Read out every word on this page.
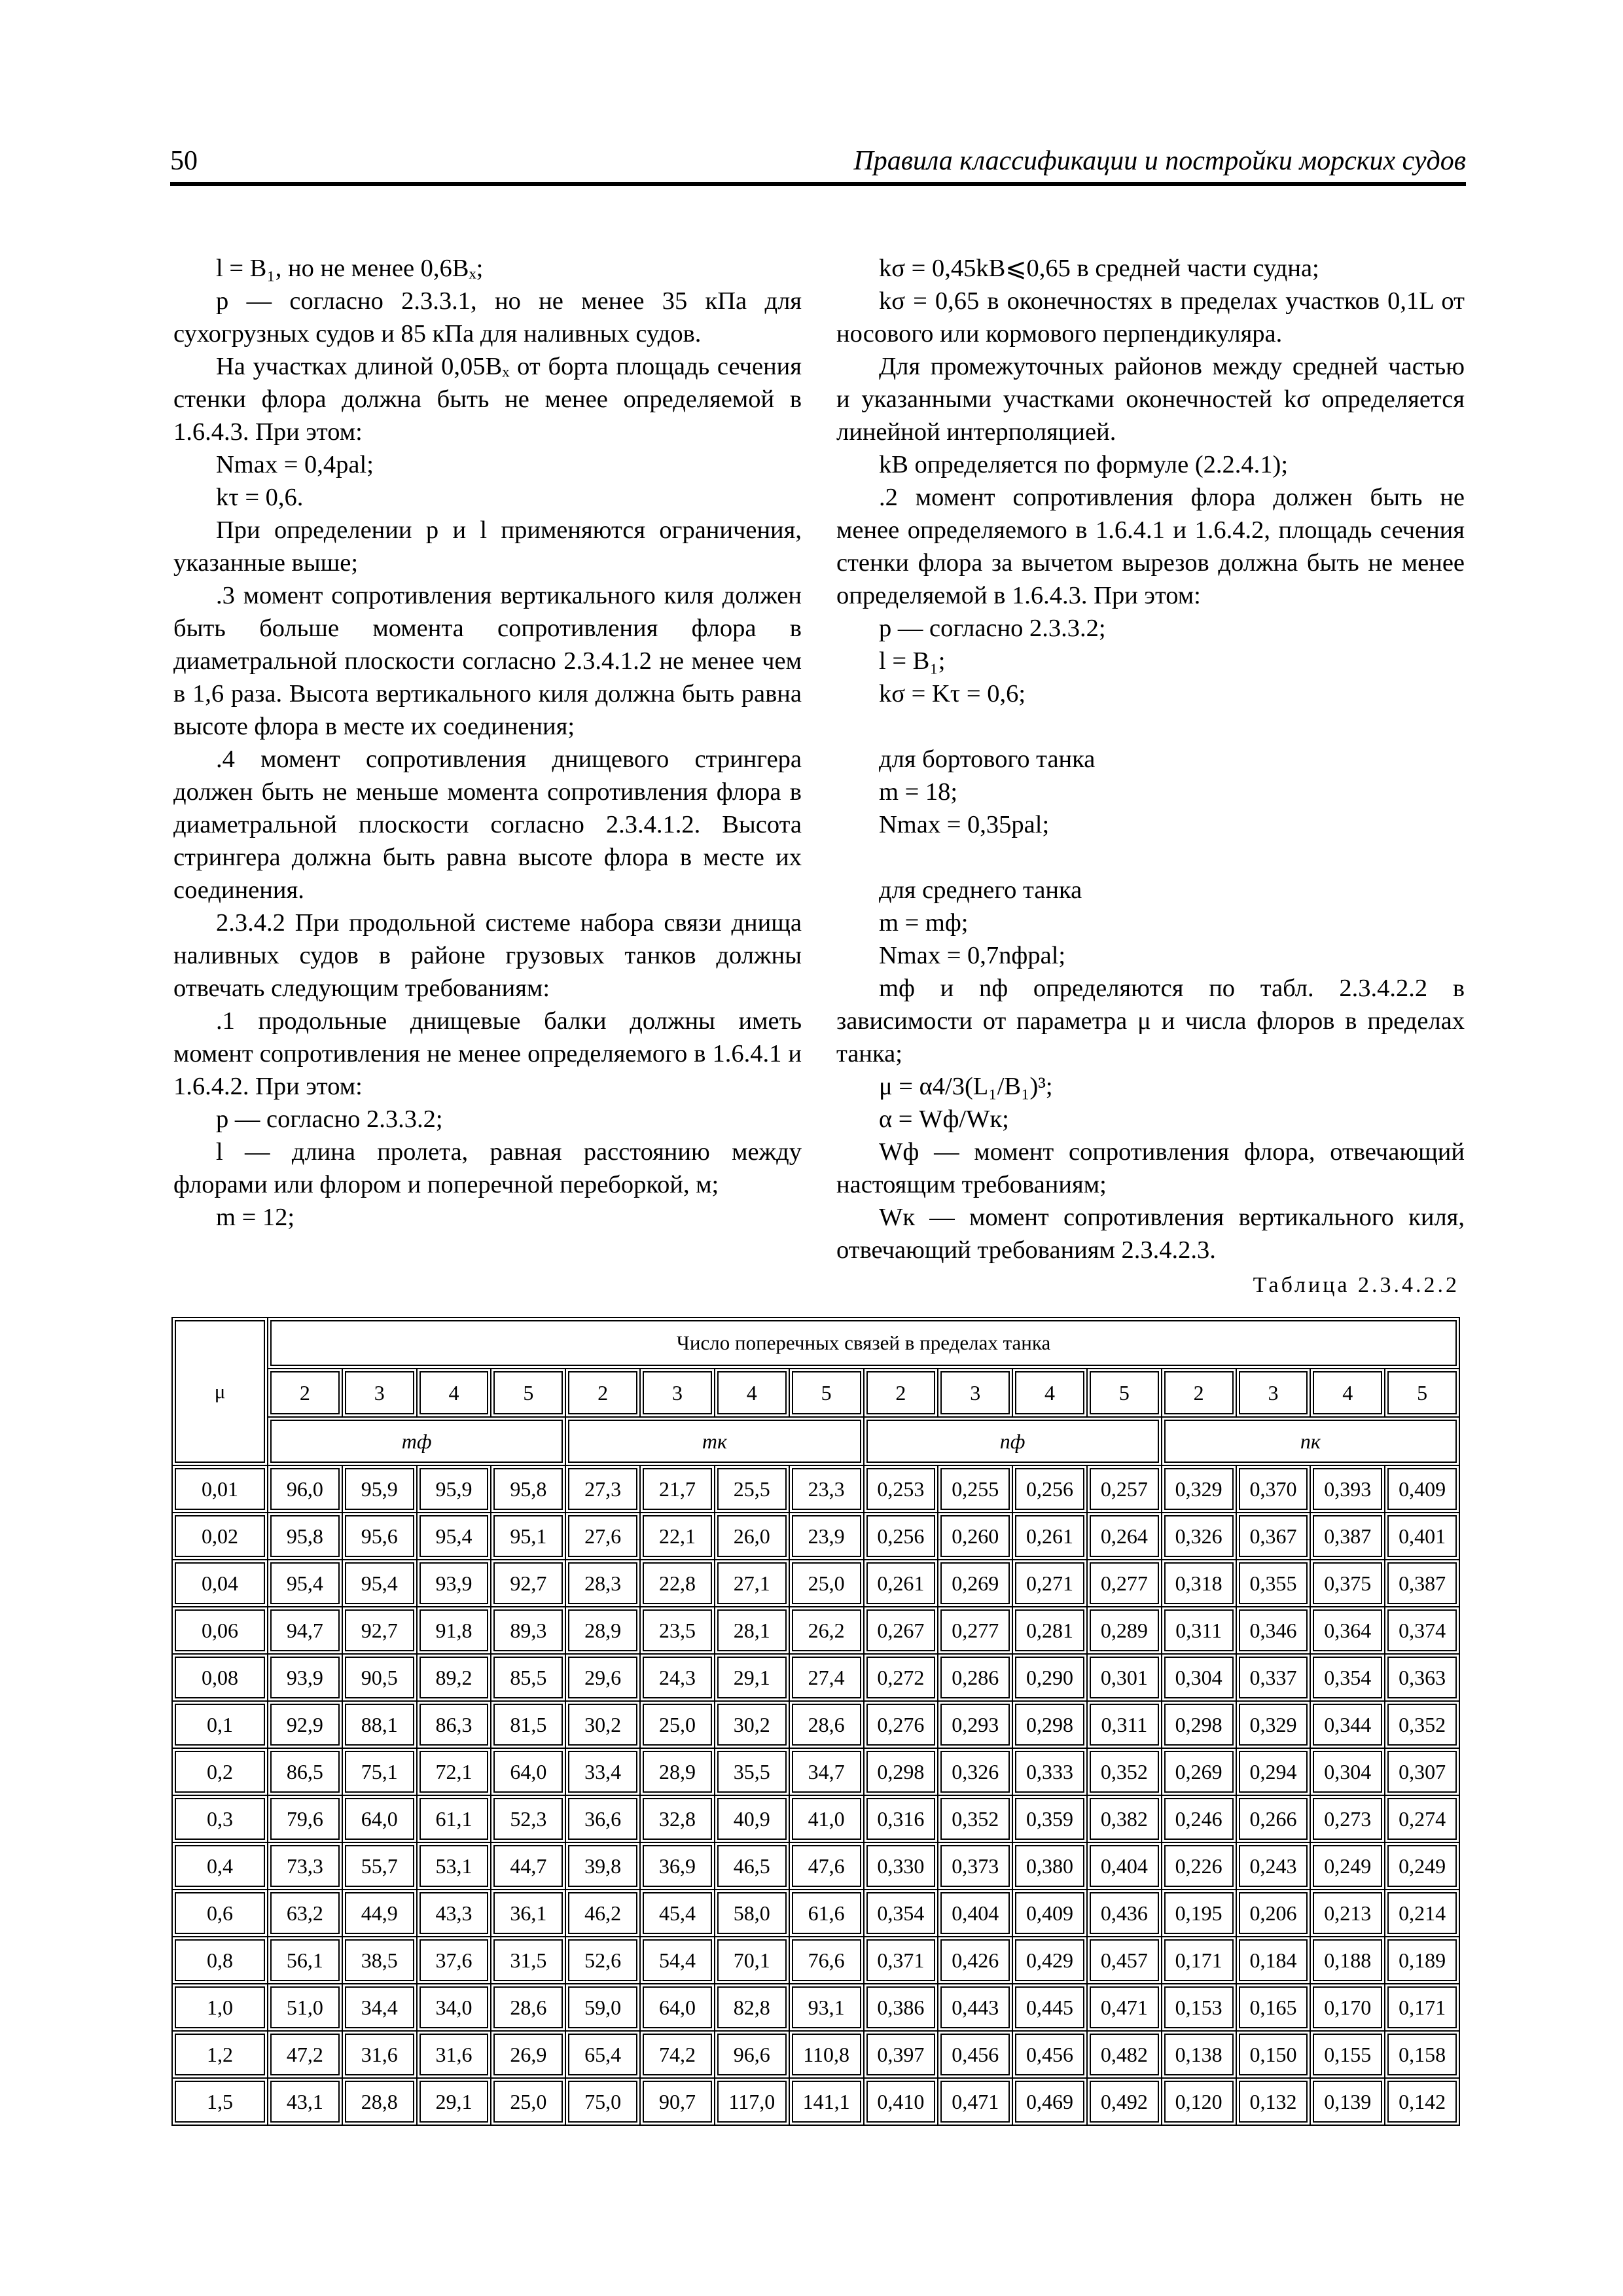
50	Правила классификации и постройки морских судов

l = B₁, но не менее 0,6Bₓ;

p — согласно 2.3.3.1, но не менее 35 кПа для сухогрузных судов и 85 кПа для наливных судов.

На участках длиной 0,05Bₓ от борта площадь сечения стенки флора должна быть не менее определяемой в 1.6.4.3. При этом:

Nmax = 0,4pal;

kτ = 0,6.

При определении p и l применяются ограничения, указанные выше;

.3 момент сопротивления вертикального киля должен быть больше момента сопротивления флора в диаметральной плоскости согласно 2.3.4.1.2 не менее чем в 1,6 раза. Высота вертикального киля должна быть равна высоте флора в месте их соединения;

.4 момент сопротивления днищевого стрингера должен быть не меньше момента сопротивления флора в диаметральной плоскости согласно 2.3.4.1.2. Высота стрингера должна быть равна высоте флора в месте их соединения.

2.3.4.2 При продольной системе набора связи днища наливных судов в районе грузовых танков должны отвечать следующим требованиям:

.1 продольные днищевые балки должны иметь момент сопротивления не менее определяемого в 1.6.4.1 и 1.6.4.2. При этом:

p — согласно 2.3.3.2;

l — длина пролета, равная расстоянию между флорами или флором и поперечной переборкой, м;

m = 12;

kσ = 0,45kB⩽0,65 в средней части судна;

kσ = 0,65 в оконечностях в пределах участков 0,1L от носового или кормового перпендикуляра.

Для промежуточных районов между средней частью и указанными участками оконечностей kσ определяется линейной интерполяцией.

kB определяется по формуле (2.2.4.1);

.2 момент сопротивления флора должен быть не менее определяемого в 1.6.4.1 и 1.6.4.2, площадь сечения стенки флора за вычетом вырезов должна быть не менее определяемой в 1.6.4.3. При этом:

p — согласно 2.3.3.2;

l = B₁;

kσ = Kτ = 0,6;

для бортового танка

m = 18;

Nmax = 0,35pal;

для среднего танка

m = mф;

Nmax = 0,7nфpal;

mф и nф определяются по табл. 2.3.4.2.2 в зависимости от параметра μ и числа флоров в пределах танка;

μ = α4/3(L₁/B₁)³;

α = Wф/Wк;

Wф — момент сопротивления флора, отвечающий настоящим требованиям;

Wк — момент сопротивления вертикального киля, отвечающий требованиям 2.3.4.2.3.

Таблица 2.3.4.2.2
μ	Число поперечных связей в пределах танка															
	2	3	4	5	2	3	4	5	2	3	4	5	2	3	4	5
	mф				mк				nф				nк			
0,01	96,0	95,9	95,9	95,8	27,3	21,7	25,5	23,3	0,253	0,255	0,256	0,257	0,329	0,370	0,393	0,409
0,02	95,8	95,6	95,4	95,1	27,6	22,1	26,0	23,9	0,256	0,260	0,261	0,264	0,326	0,367	0,387	0,401
0,04	95,4	95,4	93,9	92,7	28,3	22,8	27,1	25,0	0,261	0,269	0,271	0,277	0,318	0,355	0,375	0,387
0,06	94,7	92,7	91,8	89,3	28,9	23,5	28,1	26,2	0,267	0,277	0,281	0,289	0,311	0,346	0,364	0,374
0,08	93,9	90,5	89,2	85,5	29,6	24,3	29,1	27,4	0,272	0,286	0,290	0,301	0,304	0,337	0,354	0,363
0,1	92,9	88,1	86,3	81,5	30,2	25,0	30,2	28,6	0,276	0,293	0,298	0,311	0,298	0,329	0,344	0,352
0,2	86,5	75,1	72,1	64,0	33,4	28,9	35,5	34,7	0,298	0,326	0,333	0,352	0,269	0,294	0,304	0,307
0,3	79,6	64,0	61,1	52,3	36,6	32,8	40,9	41,0	0,316	0,352	0,359	0,382	0,246	0,266	0,273	0,274
0,4	73,3	55,7	53,1	44,7	39,8	36,9	46,5	47,6	0,330	0,373	0,380	0,404	0,226	0,243	0,249	0,249
0,6	63,2	44,9	43,3	36,1	46,2	45,4	58,0	61,6	0,354	0,404	0,409	0,436	0,195	0,206	0,213	0,214
0,8	56,1	38,5	37,6	31,5	52,6	54,4	70,1	76,6	0,371	0,426	0,429	0,457	0,171	0,184	0,188	0,189
1,0	51,0	34,4	34,0	28,6	59,0	64,0	82,8	93,1	0,386	0,443	0,445	0,471	0,153	0,165	0,170	0,171
1,2	47,2	31,6	31,6	26,9	65,4	74,2	96,6	110,8	0,397	0,456	0,456	0,482	0,138	0,150	0,155	0,158
1,5	43,1	28,8	29,1	25,0	75,0	90,7	117,0	141,1	0,410	0,471	0,469	0,492	0,120	0,132	0,139	0,142
